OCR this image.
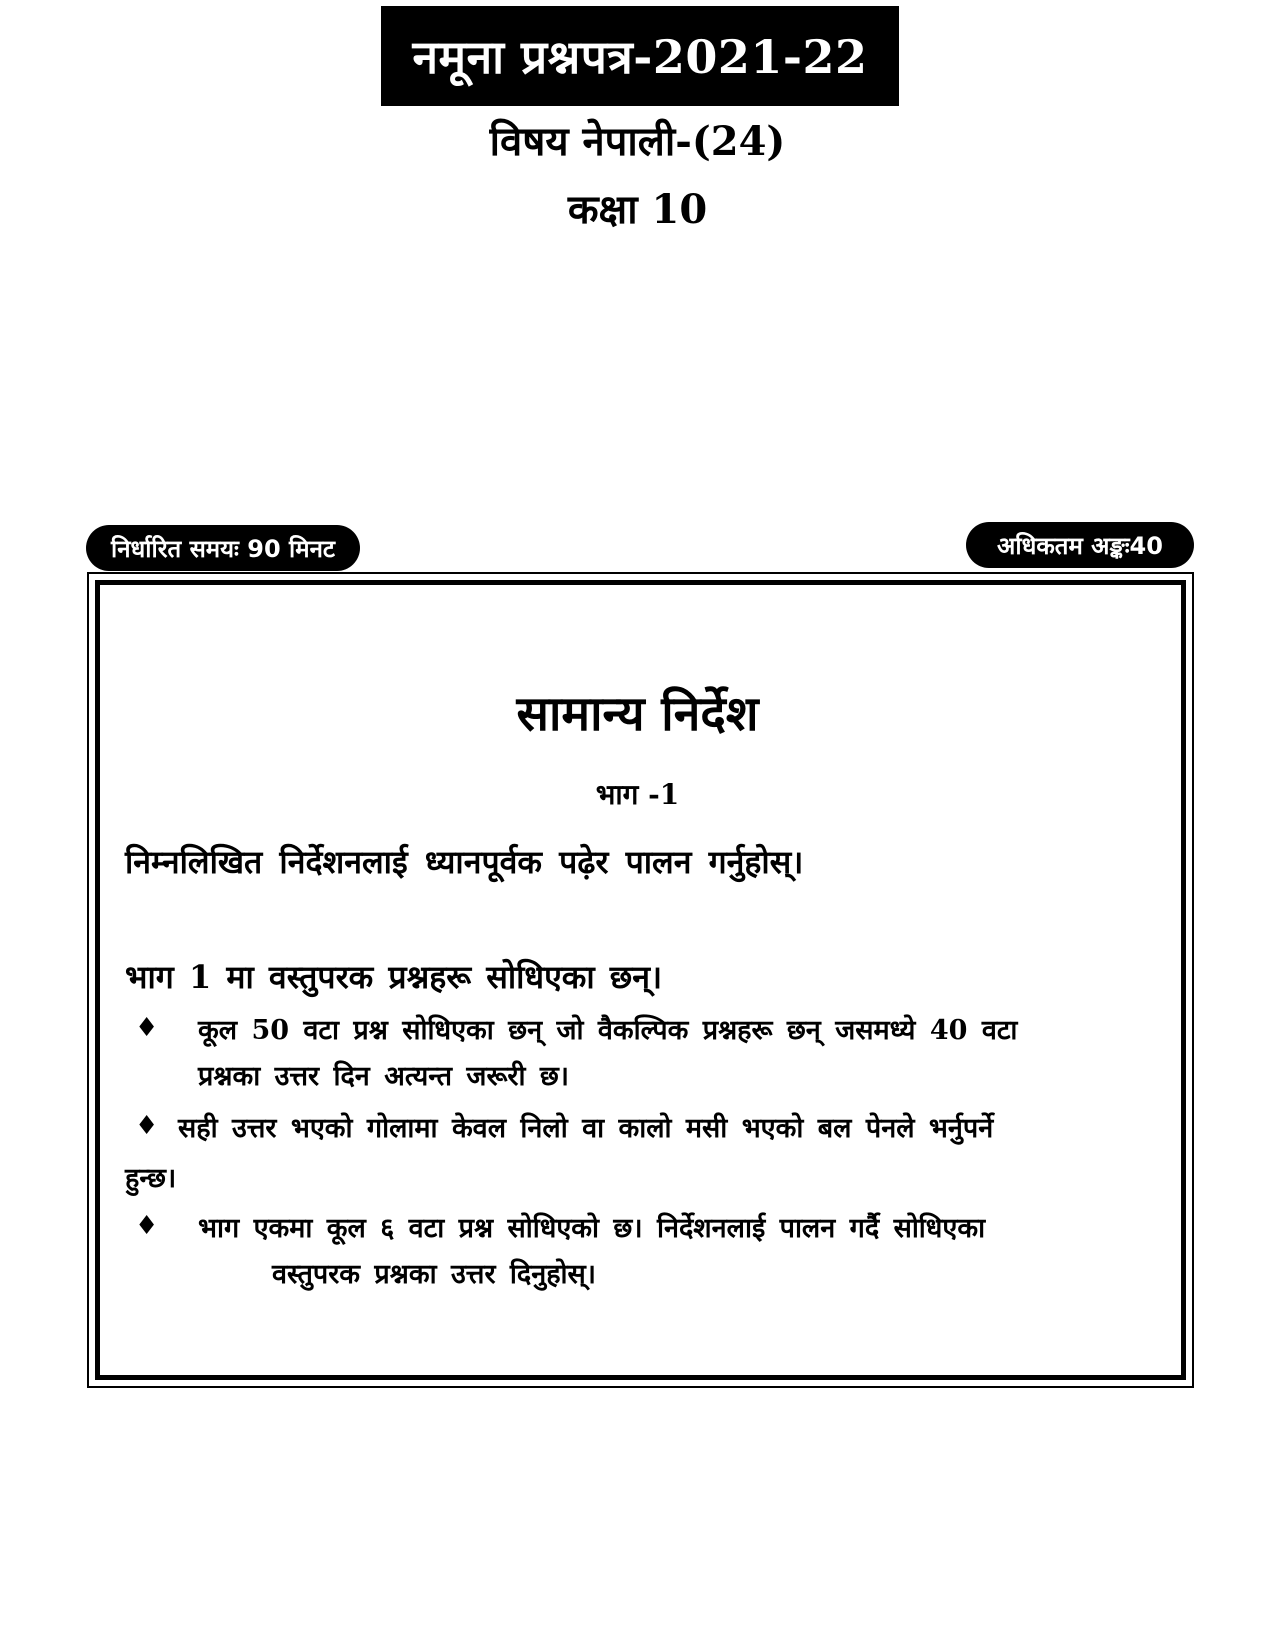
नमूना प्रश्नपत्र-2021-22
विषय नेपाली-(24)
कक्षा 10
निर्धारित समयः 90 मिनट	अधिकतम अङ्कः40
सामान्य निर्देश
भाग -1
निम्नलिखित निर्देशनलाई ध्यानपूर्वक पढ़ेर पालन गर्नुहोस्।
भाग 1 मा वस्तुपरक प्रश्नहरू सोधिएका छन्।
♦ कूल 50 वटा प्रश्न सोधिएका छन् जो वैकल्पिक प्रश्नहरू छन् जसमध्ये 40 वटा
प्रश्नका उत्तर दिन अत्यन्त जरूरी छ।
♦ सही उत्तर भएको गोलामा केवल निलो वा कालो मसी भएको बल पेनले भर्नुपर्ने
हुन्छ।
♦ भाग एकमा कूल ६ वटा प्रश्न सोधिएको छ। निर्देशनलाई पालन गर्दै सोधिएका
वस्तुपरक प्रश्नका उत्तर दिनुहोस्।
